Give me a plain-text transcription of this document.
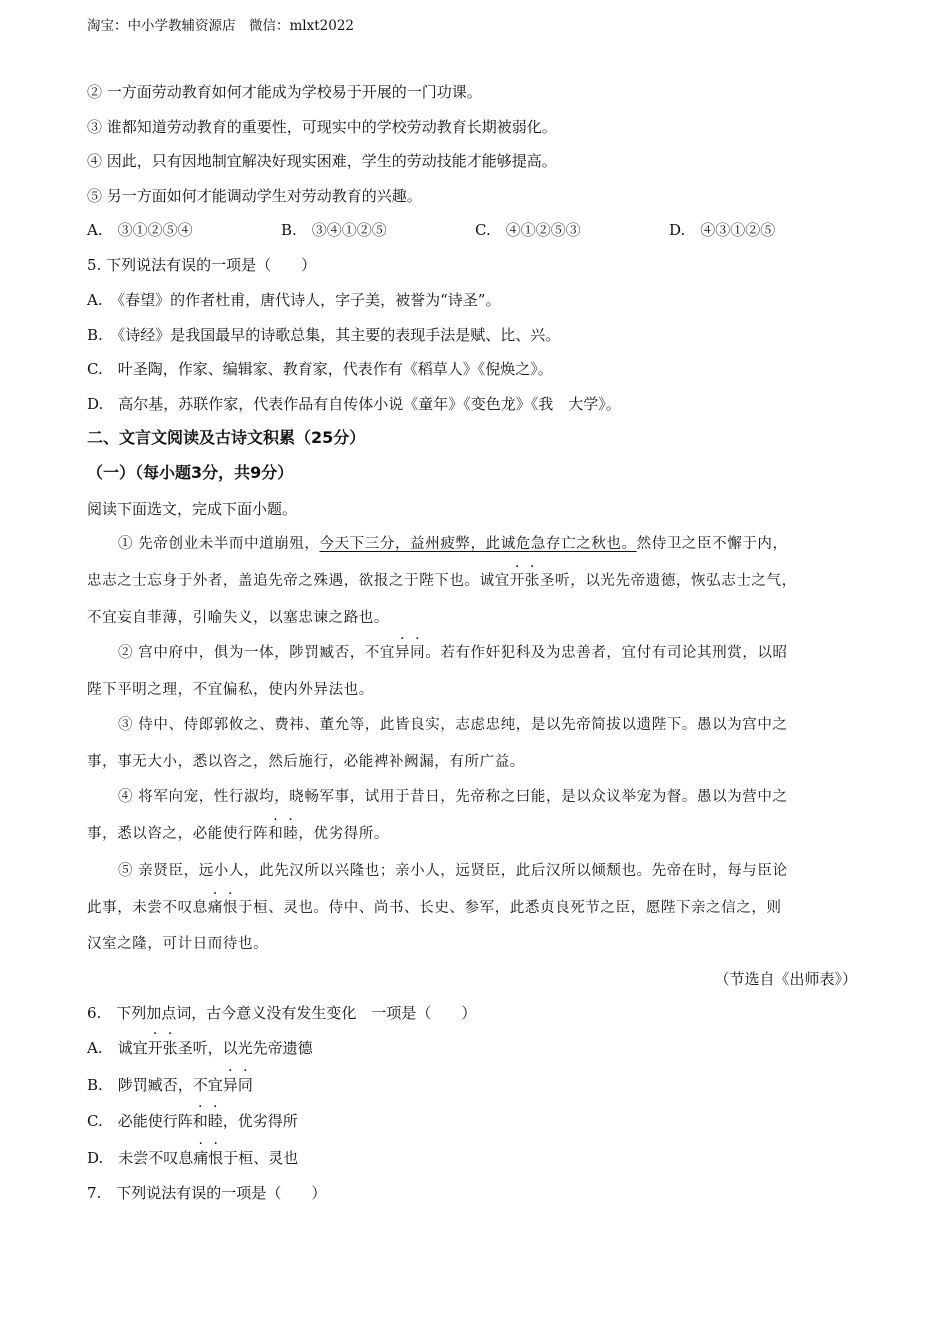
淘宝：中小学教辅资源店　微信：mlxt2022
② 一方面劳动教育如何才能成为学校易于开展的一门功课。
③ 谁都知道劳动教育的重要性，可现实中的学校劳动教育长期被弱化。
④ 因此，只有因地制宜解决好现实困难，学生的劳动技能才能够提高。
⑤ 另一方面如何才能调动学生对劳动教育的兴趣。
A.　③①②⑤④	B.　③④①②⑤	C.　④①②⑤③	D.　④③①②⑤
5. 下列说法有误的一项是（　　）
A.　《春望》的作者杜甫，唐代诗人，字子美，被誉为“诗圣”。
B.　《诗经》是我国最早的诗歌总集，其主要的表现手法是赋、比、兴。
C.　叶圣陶，作家、编辑家、教育家，代表作有《稻草人》《倪焕之》。
D.　高尔基，苏联作家，代表作品有自传体小说《童年》《变色龙》《我　大学》。
二、文言文阅读及古诗文积累（25分）
（一）（每小题3分，共9分）
阅读下面选文，完成下面小题。
① 先帝创业未半而中道崩殂，今天下三分，益州疲弊，此诚危急存亡之秋也。然侍卫之臣不懈于内，
忠志之士忘身于外者，盖追先帝之殊遇，欲报之于陛下也。诚宜开张圣听，以光先帝遗德，恢弘志士之气，
不宜妄自菲薄，引喻失义，以塞忠谏之路也。
② 宫中府中，俱为一体，陟罚臧否，不宜异同。若有作奸犯科及为忠善者，宜付有司论其刑赏，以昭
陛下平明之理，不宜偏私，使内外异法也。
③ 侍中、侍郎郭攸之、费祎、董允等，此皆良实，志虑忠纯，是以先帝简拔以遗陛下。愚以为宫中之
事，事无大小，悉以咨之，然后施行，必能裨补阙漏，有所广益。
④ 将军向宠，性行淑均，晓畅军事，试用于昔日，先帝称之曰能，是以众议举宠为督。愚以为营中之
事，悉以咨之，必能使行阵和睦，优劣得所。
⑤ 亲贤臣，远小人，此先汉所以兴隆也；亲小人，远贤臣，此后汉所以倾颓也。先帝在时，每与臣论
此事，未尝不叹息痛恨于桓、灵也。侍中、尚书、长史、参军，此悉贞良死节之臣，愿陛下亲之信之，则
汉室之隆，可计日而待也。
（节选自《出师表》）
6.　下列加点词，古今意义没有发生变化　一项是（　　）
A.　诚宜开张圣听，以光先帝遗德
B.　陟罚臧否，不宜异同
C.　必能使行阵和睦，优劣得所
D.　未尝不叹息痛恨于桓、灵也
7.　下列说法有误的一项是（　　）
